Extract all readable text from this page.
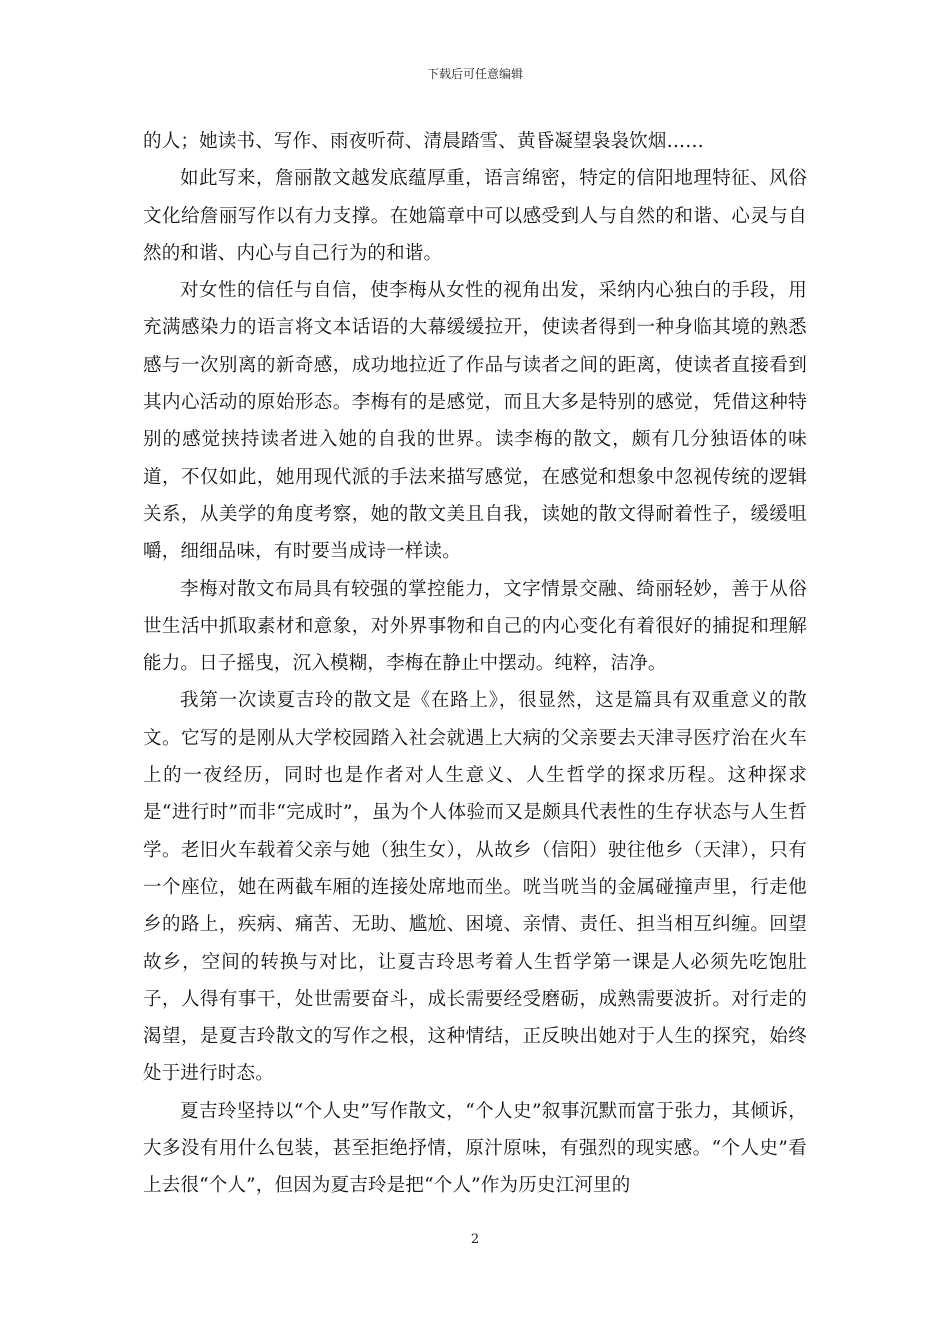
下载后可任意编辑

的人；她读书、写作、雨夜听荷、清晨踏雪、黄昏凝望袅袅饮烟……

如此写来，詹丽散文越发底蕴厚重，语言绵密，特定的信阳地理特征、风俗文化给詹丽写作以有力支撑。在她篇章中可以感受到人与自然的和谐、心灵与自然的和谐、内心与自己行为的和谐。

对女性的信任与自信，使李梅从女性的视角出发，采纳内心独白的手段，用充满感染力的语言将文本话语的大幕缓缓拉开，使读者得到一种身临其境的熟悉感与一次别离的新奇感，成功地拉近了作品与读者之间的距离，使读者直接看到其内心活动的原始形态。李梅有的是感觉，而且大多是特别的感觉，凭借这种特别的感觉挟持读者进入她的自我的世界。读李梅的散文，颇有几分独语体的味道，不仅如此，她用现代派的手法来描写感觉，在感觉和想象中忽视传统的逻辑关系，从美学的角度考察，她的散文美且自我，读她的散文得耐着性子，缓缓咀嚼，细细品味，有时要当成诗一样读。

李梅对散文布局具有较强的掌控能力，文字情景交融、绮丽轻妙，善于从俗世生活中抓取素材和意象，对外界事物和自己的内心变化有着很好的捕捉和理解能力。日子摇曳，沉入模糊，李梅在静止中摆动。纯粹，洁净。

我第一次读夏吉玲的散文是《在路上》，很显然，这是篇具有双重意义的散文。它写的是刚从大学校园踏入社会就遇上大病的父亲要去天津寻医疗治在火车上的一夜经历，同时也是作者对人生意义、人生哲学的探求历程。这种探求是“进行时”而非“完成时”，虽为个人体验而又是颇具代表性的生存状态与人生哲学。老旧火车载着父亲与她（独生女），从故乡（信阳）驶往他乡（天津），只有一个座位，她在两截车厢的连接处席地而坐。咣当咣当的金属碰撞声里，行走他乡的路上，疾病、痛苦、无助、尴尬、困境、亲情、责任、担当相互纠缠。回望故乡，空间的转换与对比，让夏吉玲思考着人生哲学第一课是人必须先吃饱肚子，人得有事干，处世需要奋斗，成长需要经受磨砺，成熟需要波折。对行走的渴望，是夏吉玲散文的写作之根，这种情结，正反映出她对于人生的探究，始终处于进行时态。

夏吉玲坚持以“个人史”写作散文，“个人史”叙事沉默而富于张力，其倾诉，大多没有用什么包装，甚至拒绝抒情，原汁原味，有强烈的现实感。“个人史”看上去很“个人”，但因为夏吉玲是把“个人”作为历史江河里的

2
